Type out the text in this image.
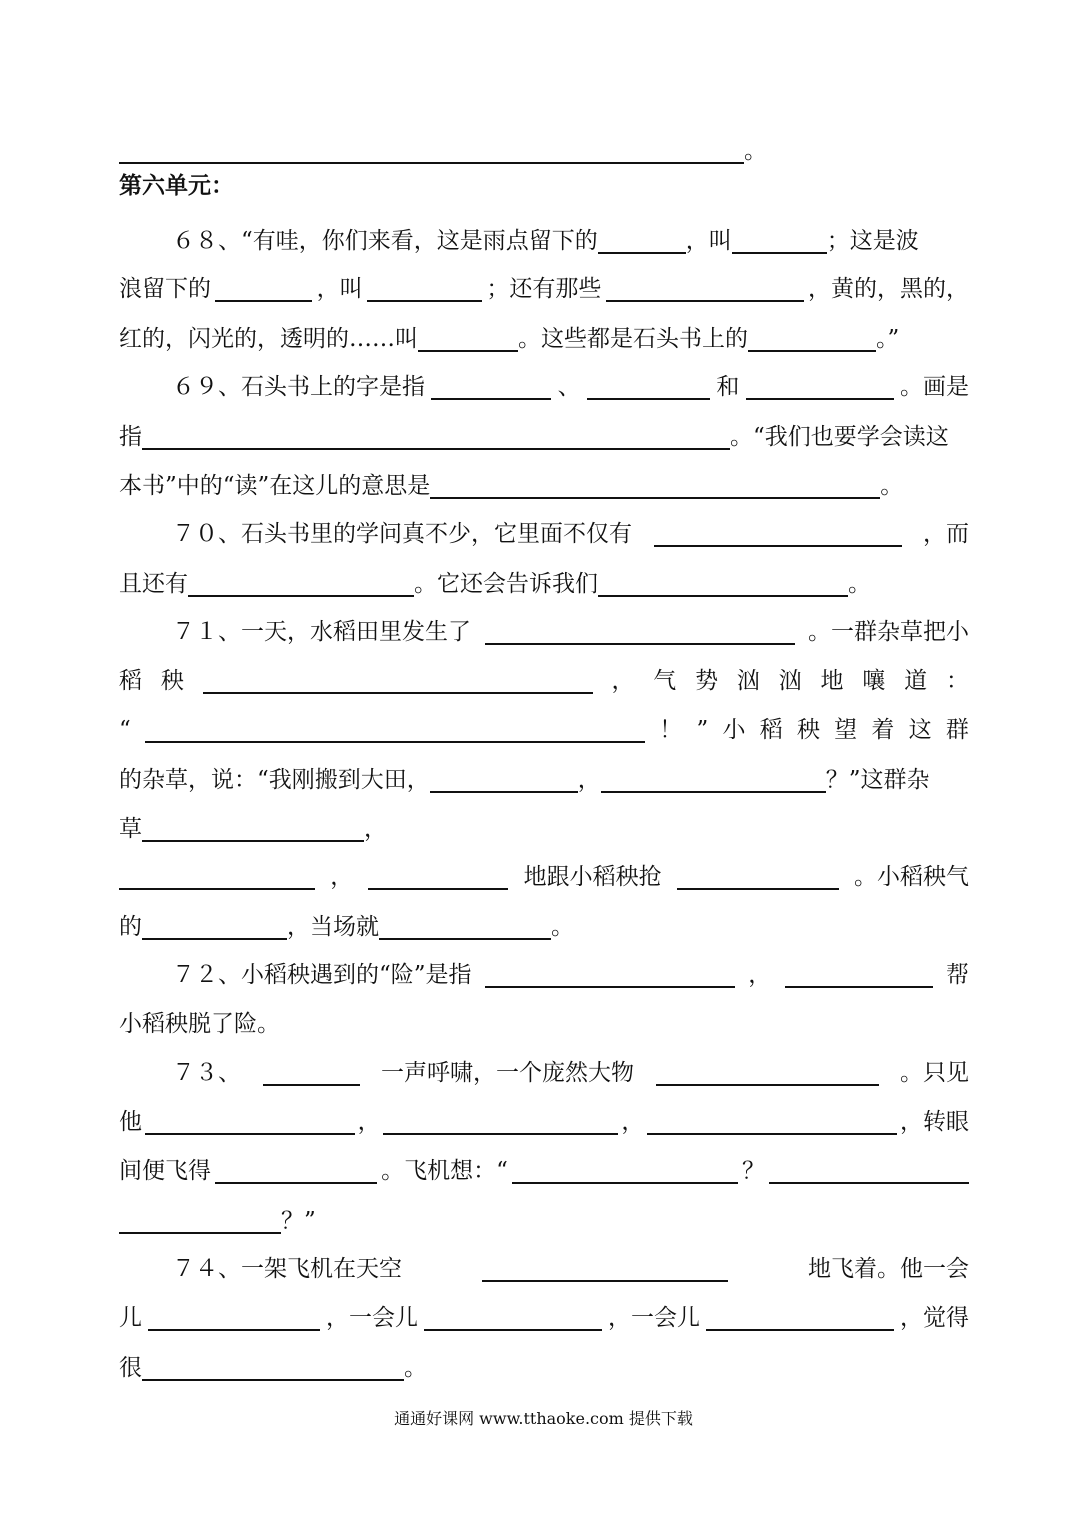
。
第六单元：
６８、“有哇，你们来看，这是雨点留下的	，叫	；这是波
浪留下的	，叫	；还有那些	，黄的，黑的，
红的，闪光的，透明的……叫	。这些都是石头书上的	。”
６９、石头书上的字是指	、	和	。画是
指	。“我们也要学会读这
本书”中的“读”在这儿的意思是	。
７０、石头书里的学问真不少，它里面不仅有	，而
且还有	。它还会告诉我们	。
７１、一天，水稻田里发生了	。一群杂草把小
稻 秧	， 气 势 汹 汹 地 嚷 道 ：
“	！ ” 小 稻 秧 望 着 这 群
的杂草，说：“我刚搬到大田，	，	？”这群杂
草	，
，	地跟小稻秧抢	。小稻秧气
的	，当场就	。
７２、小稻秧遇到的“险”是指	，	帮
小稻秧脱了险。
７３、	一声呼啸，一个庞然大物	。只见
他	，	，	，转眼
间便飞得	。飞机想：“	？
？”
７４、一架飞机在天空	地飞着。他一会
儿	，一会儿	，一会儿	，觉得
很	。
通通好课网 www.tthaoke.com 提供下载
